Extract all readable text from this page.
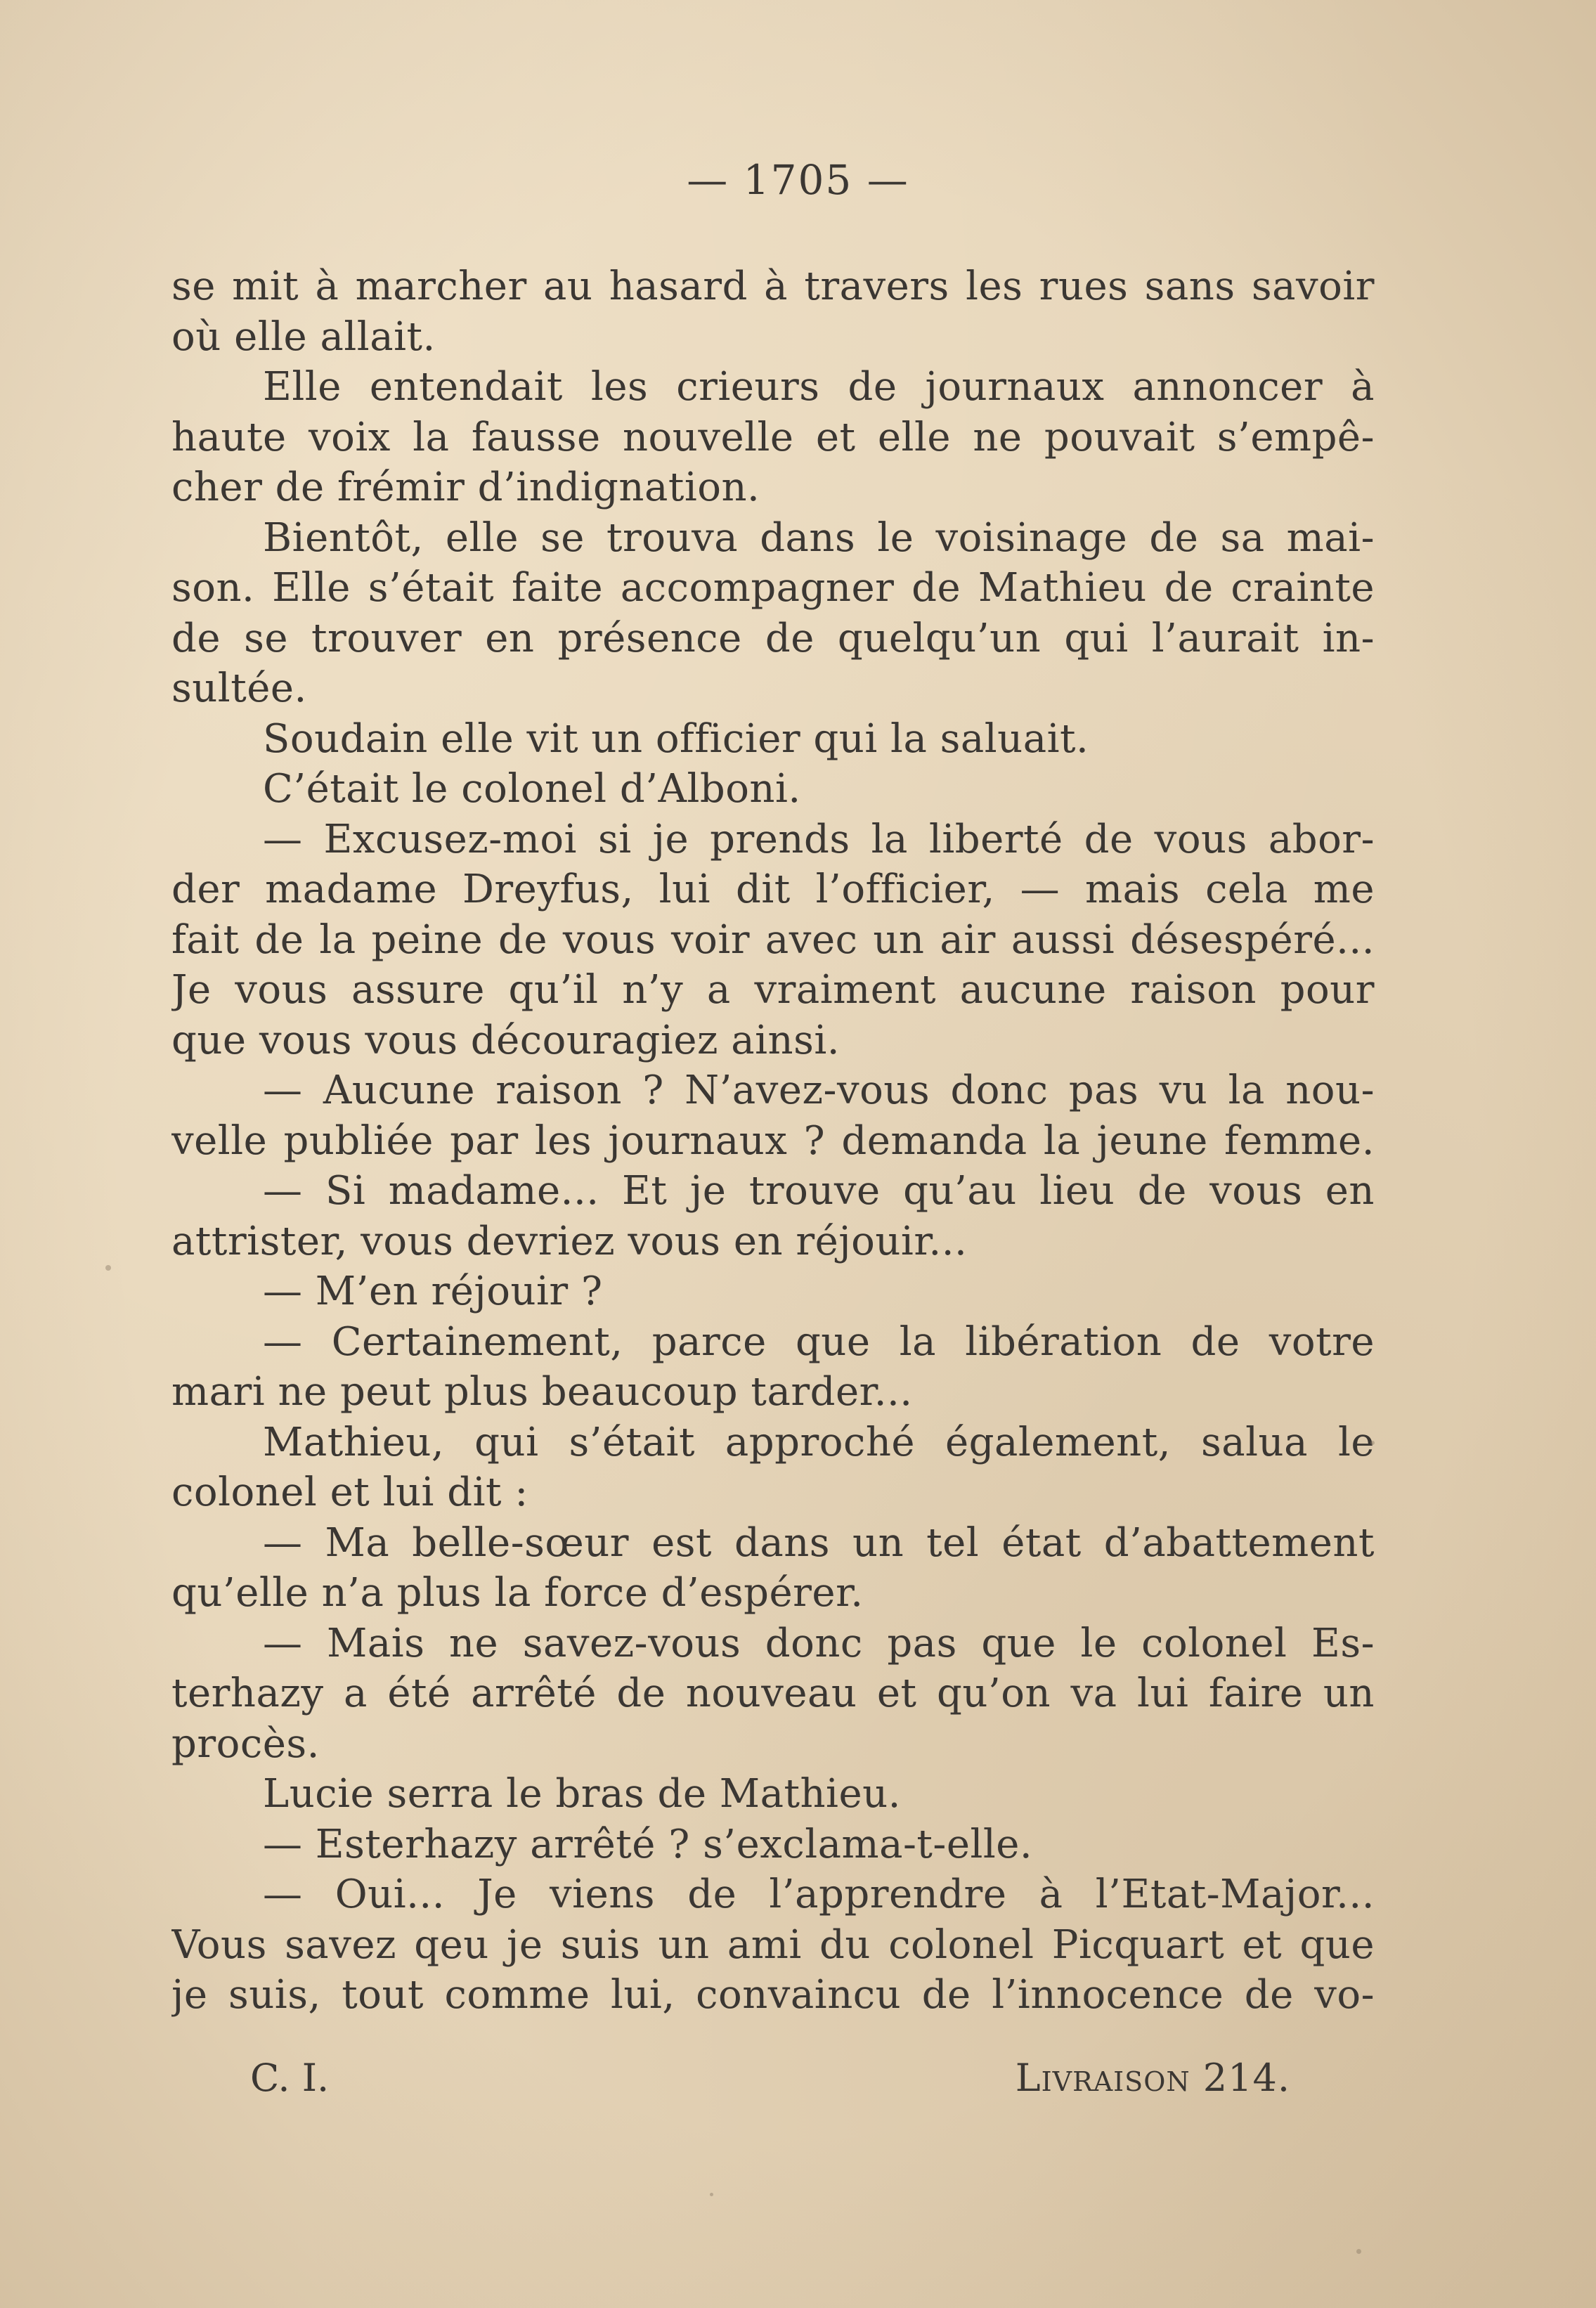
— 1705 —
se mit à marcher au hasard à travers les rues sans savoir
où elle allait.
Elle entendait les crieurs de journaux annoncer à
haute voix la fausse nouvelle et elle ne pouvait s’empê-
cher de frémir d’indignation.
Bientôt, elle se trouva dans le voisinage de sa mai-
son. Elle s’était faite accompagner de Mathieu de crainte
de se trouver en présence de quelqu’un qui l’aurait in-
sultée.
Soudain elle vit un officier qui la saluait.
C’était le colonel d’Alboni.
— Excusez-moi si je prends la liberté de vous abor-
der madame Dreyfus, lui dit l’officier, — mais cela me
fait de la peine de vous voir avec un air aussi désespéré...
Je vous assure qu’il n’y a vraiment aucune raison pour
que vous vous découragiez ainsi.
— Aucune raison ? N’avez-vous donc pas vu la nou-
velle publiée par les journaux ? demanda la jeune femme.
— Si madame... Et je trouve qu’au lieu de vous en
attrister, vous devriez vous en réjouir...
— M’en réjouir ?
— Certainement, parce que la libération de votre
mari ne peut plus beaucoup tarder...
Mathieu, qui s’était approché également, salua le
colonel et lui dit :
— Ma belle-sœur est dans un tel état d’abattement
qu’elle n’a plus la force d’espérer.
— Mais ne savez-vous donc pas que le colonel Es-
terhazy a été arrêté de nouveau et qu’on va lui faire un
procès.
Lucie serra le bras de Mathieu.
— Esterhazy arrêté ? s’exclama-t-elle.
— Oui... Je viens de l’apprendre à l’Etat-Major...
Vous savez qeu je suis un ami du colonel Picquart et que
je suis, tout comme lui, convaincu de l’innocence de vo-
C. I.	Livraison 214.
